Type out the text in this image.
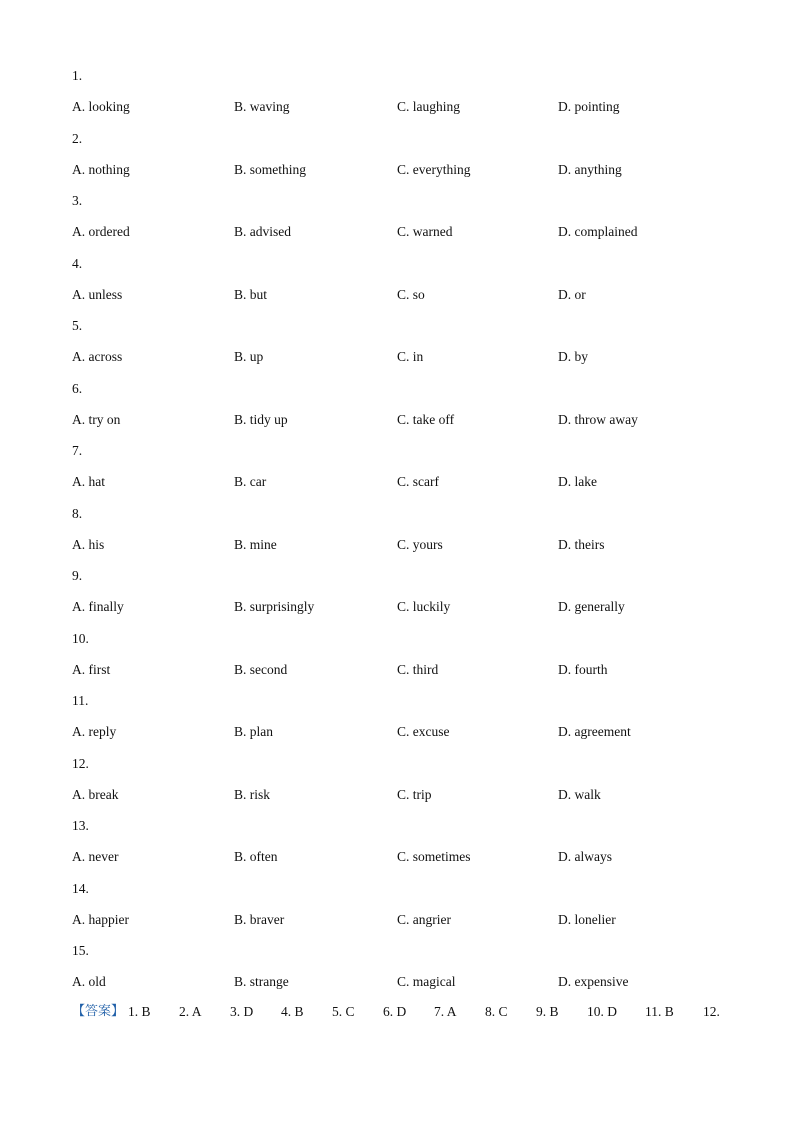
1.
A. looking	B. waving	C. laughing	D. pointing
2.
A. nothing	B. something	C. everything	D. anything
3.
A. ordered	B. advised	C. warned	D. complained
4.
A. unless	B. but	C. so	D. or
5.
A. across	B. up	C. in	D. by
6.
A. try on	B. tidy up	C. take off	D. throw away
7.
A. hat	B. car	C. scarf	D. lake
8.
A. his	B. mine	C. yours	D. theirs
9.
A. finally	B. surprisingly	C. luckily	D. generally
10.
A. first	B. second	C. third	D. fourth
11.
A. reply	B. plan	C. excuse	D. agreement
12.
A. break	B. risk	C. trip	D. walk
13.
A. never	B. often	C. sometimes	D. always
14.
A. happier	B. braver	C. angrier	D. lonelier
15.
A. old	B. strange	C. magical	D. expensive
【答案】 1. B 2. A 3. D 4. B 5. C 6. D 7. A 8. C 9. B 10. D 11. B 12.
